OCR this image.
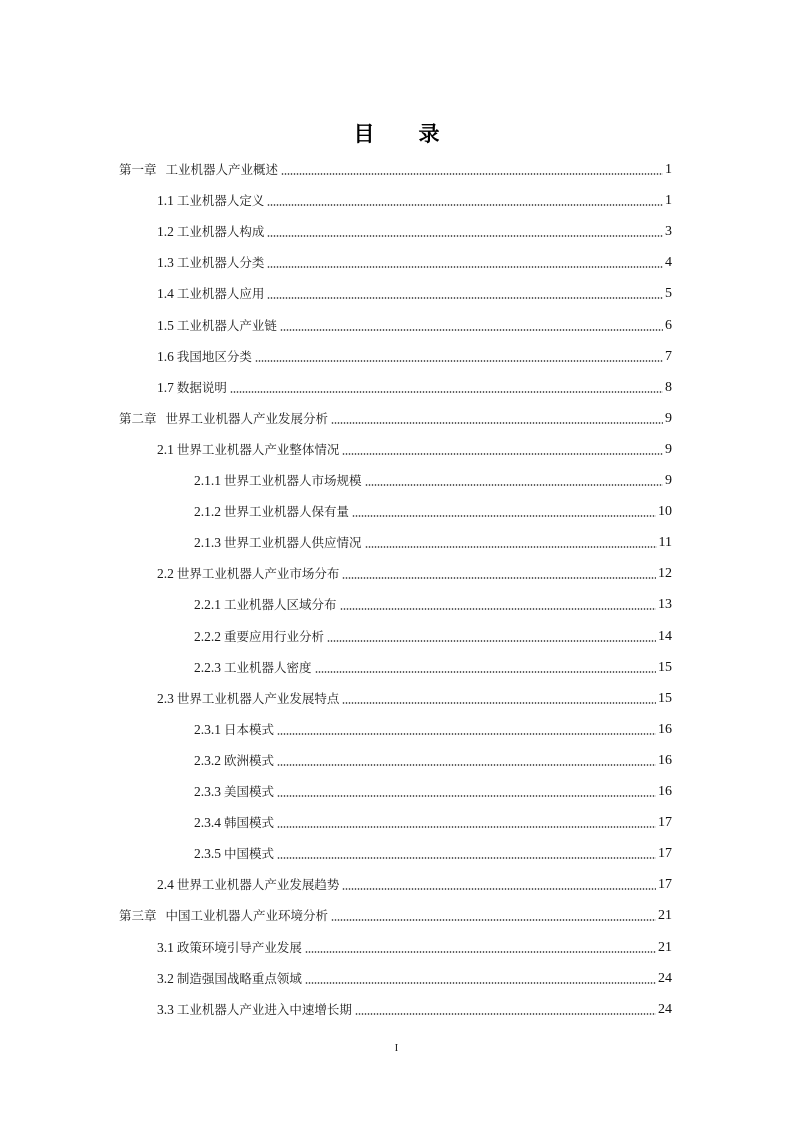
目 录
第一章 工业机器人产业概述	1
1.1 工业机器人定义	1
1.2 工业机器人构成	3
1.3 工业机器人分类	4
1.4 工业机器人应用	5
1.5 工业机器人产业链	6
1.6 我国地区分类	7
1.7 数据说明	8
第二章 世界工业机器人产业发展分析	9
2.1 世界工业机器人产业整体情况	9
2.1.1 世界工业机器人市场规模	9
2.1.2 世界工业机器人保有量	10
2.1.3 世界工业机器人供应情况	11
2.2 世界工业机器人产业市场分布	12
2.2.1 工业机器人区域分布	13
2.2.2 重要应用行业分析	14
2.2.3 工业机器人密度	15
2.3 世界工业机器人产业发展特点	15
2.3.1 日本模式	16
2.3.2 欧洲模式	16
2.3.3 美国模式	16
2.3.4 韩国模式	17
2.3.5 中国模式	17
2.4 世界工业机器人产业发展趋势	17
第三章 中国工业机器人产业环境分析	21
3.1 政策环境引导产业发展	21
3.2 制造强国战略重点领域	24
3.3 工业机器人产业进入中速增长期	24
I
